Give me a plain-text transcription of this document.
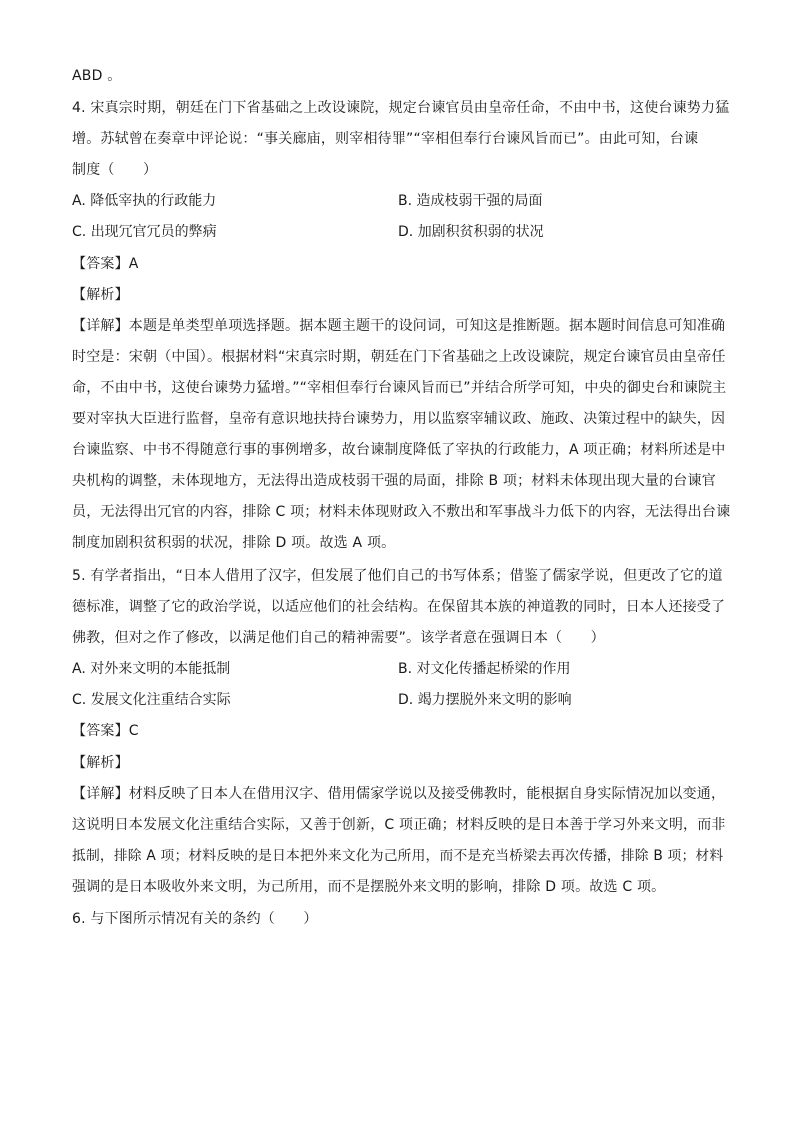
ABD 。
4. 宋真宗时期，朝廷在门下省基础之上改设谏院，规定台谏官员由皇帝任命，不由中书，这使台谏势力猛
增。苏轼曾在奏章中评论说：“事关廊庙，则宰相待罪”“宰相但奉行台谏风旨而已”。由此可知，台谏
制度（　　）
A. 降低宰执的行政能力	B. 造成枝弱干强的局面
C. 出现冗官冗员的弊病	D. 加剧积贫积弱的状况
【答案】A
【解析】
【详解】本题是单类型单项选择题。据本题主题干的设问词，可知这是推断题。据本题时间信息可知准确
时空是：宋朝（中国）。根据材料“宋真宗时期，朝廷在门下省基础之上改设谏院，规定台谏官员由皇帝任
命，不由中书，这使台谏势力猛增。”“宰相但奉行台谏风旨而已”并结合所学可知，中央的御史台和谏院主
要对宰执大臣进行监督，皇帝有意识地扶持台谏势力，用以监察宰辅议政、施政、决策过程中的缺失，因
台谏监察、中书不得随意行事的事例增多，故台谏制度降低了宰执的行政能力，A 项正确；材料所述是中
央机构的调整，未体现地方，无法得出造成枝弱干强的局面，排除 B 项；材料未体现出现大量的台谏官
员，无法得出冗官的内容，排除 C 项；材料未体现财政入不敷出和军事战斗力低下的内容，无法得出台谏
制度加剧积贫积弱的状况，排除 D 项。故选 A 项。
5. 有学者指出，“日本人借用了汉字，但发展了他们自己的书写体系；借鉴了儒家学说，但更改了它的道
德标准，调整了它的政治学说，以适应他们的社会结构。在保留其本族的神道教的同时，日本人还接受了
佛教，但对之作了修改，以满足他们自己的精神需要”。该学者意在强调日本（　　）
A. 对外来文明的本能抵制	B. 对文化传播起桥梁的作用
C. 发展文化注重结合实际	D. 竭力摆脱外来文明的影响
【答案】C
【解析】
【详解】材料反映了日本人在借用汉字、借用儒家学说以及接受佛教时，能根据自身实际情况加以变通，
这说明日本发展文化注重结合实际，又善于创新，C 项正确；材料反映的是日本善于学习外来文明，而非
抵制，排除 A 项；材料反映的是日本把外来文化为己所用，而不是充当桥梁去再次传播，排除 B 项；材料
强调的是日本吸收外来文明，为己所用，而不是摆脱外来文明的影响，排除 D 项。故选 C 项。
6. 与下图所示情况有关的条约（　　）
